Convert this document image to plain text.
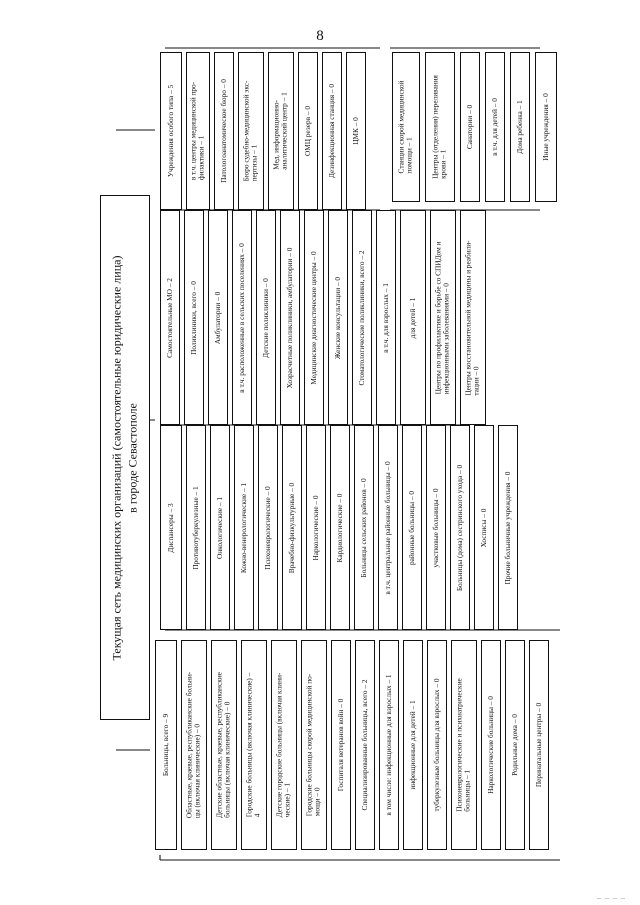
8
Текущая сеть медицинских организаций (самостоятельные юридические лица) в городе Севастополе
Больницы, всего – 9
Областные, краевые, республиканские больни-
цы (включая клинические) – 0
Детские областные, краевые, республиканские
больницы (включая клинические) – 0
Городские больницы (включая клинические) –
4 Детские городские больницы (включая клини-
ческие) – 1 Городские больницы скорой медицинской по-
мощи – 0 Госпиталя ветеранов войн – 0 Специализированные больницы, всего – 2 в том числе: инфекционные для взрослых – 1 инфекционные для детей – 1 туберкулезные больницы для взрослых – 0 Психоневрологические и психиатрические
больницы – 1 Наркологические больницы – 0 Родильные дома – 0 Перинатальные центры – 0
Диспансеры – 3 Противотуберкулезные – 1 Онкологические – 1 Кожно-венерологические – 1 Психоневрологические – 0 Врачебно-физкультурные – 0 Наркологические – 0 Кардиологические – 0 Больницы сельских районов – 0 в т.ч. центральные районные больницы – 0 районные больницы – 0 участковые больницы – 0 Больницы (дома) сестринского ухода – 0 Хосписы – 0 Прочие больничные учреждения – 0
Самостоятельные МО – 2 Поликлиники, всего – 0 Амбулатории – 0 в т.ч. расположенные в сельских поселениях – 0 Детские поликлиники – 0 Хозрасчетные поликлиники, амбулатории – 0 Медицинские диагностические центры – 0 Женские консультации – 0 Стоматологические поликлиники, всего – 2 в т.ч. для взрослых – 1 для детей – 1
Центры по профилактике и борьбе со СПИДом и
инфекционными заболеваниями – 0
Центры восстановительной медицины и реабили-
тации – 0
Учреждения особого типа – 5
в т.ч. центры медицинской про-
филактики – 1 Патологоанатомическое бюро – 0 Бюро судебно-медицинской экс-
пертизы – 1
Мед. информационно-
аналитический центр – 1
ОМЦ резерв – 0 Дезинфекционная станция – 0 ЦМК – 0
Станции скорой медицинской
помощи – 1
Центры (отделения) переливания
крови – 1
Санатории – 0 в т.ч. для детей – 0 Дома ребенка – 1 Иные учреждения – 0
– – – –
